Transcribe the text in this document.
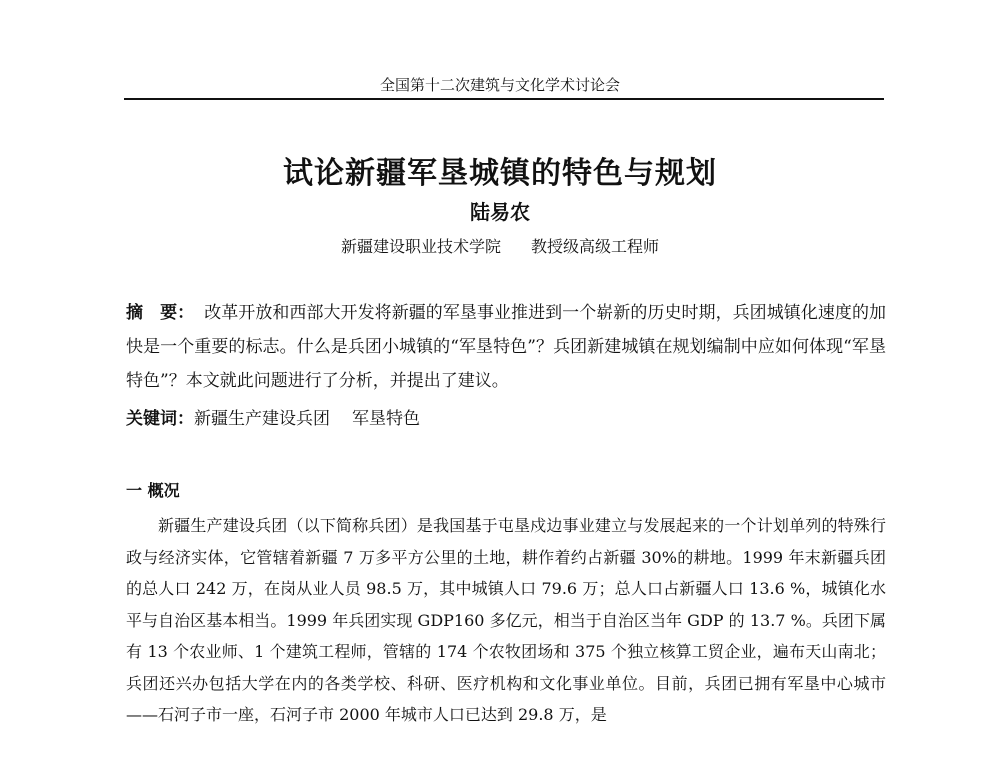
全国第十二次建筑与文化学术讨论会
试论新疆军垦城镇的特色与规划
陆易农
新疆建设职业技术学院 教授级高级工程师
摘　要： 改革开放和西部大开发将新疆的军垦事业推进到一个崭新的历史时期，兵团城镇化速度的加快是一个重要的标志。什么是兵团小城镇的“军垦特色”？兵团新建城镇在规划编制中应如何体现“军垦特色”？本文就此问题进行了分析，并提出了建议。
关键词：新疆生产建设兵团 军垦特色
一 概况
新疆生产建设兵团（以下简称兵团）是我国基于屯垦戍边事业建立与发展起来的一个计划单列的特殊行政与经济实体，它管辖着新疆 7 万多平方公里的土地，耕作着约占新疆 30%的耕地。1999 年末新疆兵团的总人口 242 万，在岗从业人员 98.5 万，其中城镇人口 79.6 万；总人口占新疆人口 13.6 %，城镇化水平与自治区基本相当。1999 年兵团实现 GDP160 多亿元，相当于自治区当年 GDP 的 13.7 %。兵团下属有 13 个农业师、1 个建筑工程师，管辖的 174 个农牧团场和 375 个独立核算工贸企业，遍布天山南北；兵团还兴办包括大学在内的各类学校、科研、医疗机构和文化事业单位。目前，兵团已拥有军垦中心城市——石河子市一座，石河子市 2000 年城市人口已达到 29.8 万，是
